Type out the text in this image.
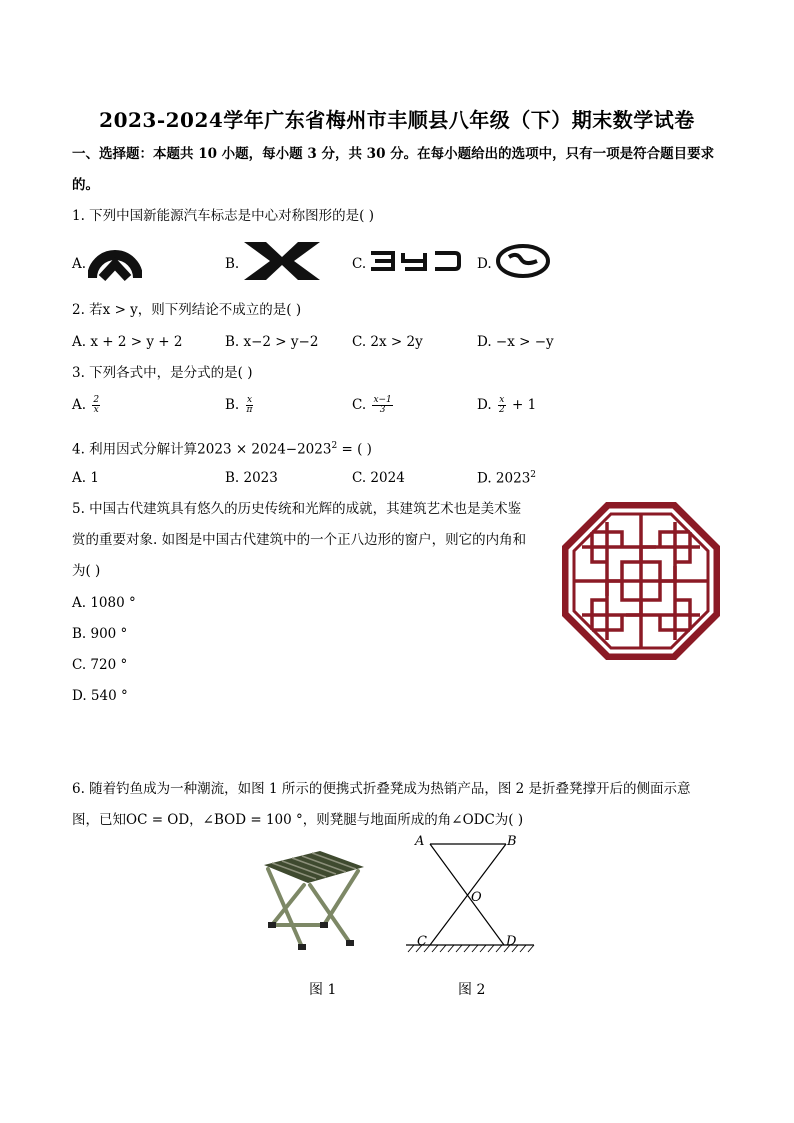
2023-2024学年广东省梅州市丰顺县八年级（下）期末数学试卷
一、选择题：本题共 10 小题，每小题 3 分，共 30 分。在每小题给出的选项中，只有一项是符合题目要求
的。
1. 下列中国新能源汽车标志是中心对称图形的是( )
A.	B.	C.	D.
2. 若x > y，则下列结论不成立的是( )
A. x + 2 > y + 2	B. x−2 > y−2 C. 2x > 2y	D. −x > −y
3. 下列各式中，是分式的是( )
A. $\frac{2}{x}$	B. $\frac{x}{\pi}$	C. $\frac{x-1}{3}$	D. $\frac{x}{2} + 1$
4. 利用因式分解计算$2023 \times 2024-2023^2$ = ( )
A. 1	B. 2023	C. 2024	D. 2023$^2$
5. 中国古代建筑具有悠久的历史传统和光辉的成就，其建筑艺术也是美术鉴
赏的重要对象. 如图是中国古代建筑中的一个正八边形的窗户，则它的内角和
为( )
A. 1080 °
B. 900 °
C. 720 °
D. 540 °
6. 随着钓鱼成为一种潮流，如图 1 所示的便携式折叠凳成为热销产品，图 2 是折叠凳撑开后的侧面示意
图，已知OC = OD，∠BOD = 100 °，则凳腿与地面所成的角∠ODC为( )
A	B
O
C	D
图 1	图 2
